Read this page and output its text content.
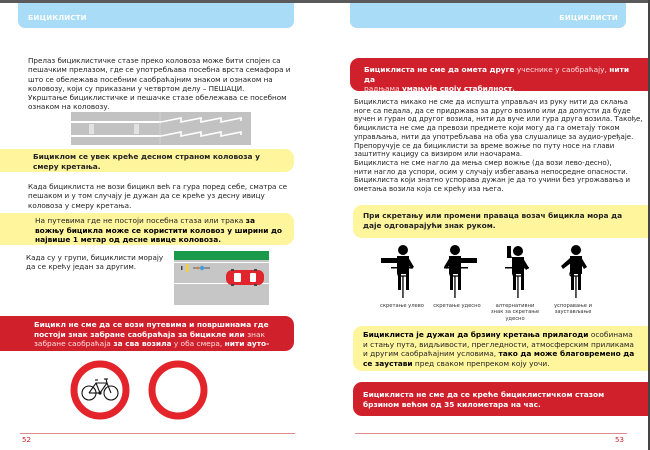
БИЦИКЛИСТИ
Прелаз бициклистичке стазе преко коловоза може бити спојен са пешачким прелазом, где се употребљава посебна врста семафора и што се обележава посебним саобраћајним знаком и ознаком на коловозу, који су приказани у четвртом делу – ПЕШАЦИ.
Укрштање бициклистичке и пешачке стазе обележава се посебном ознаком на коловозу.
Бициклом се увек креће десном страном коловоза у смеру кретања.
Када бициклиста не вози бицикл већ га гура поред себе, сматра се пешаком и у том случају је дужан да се креће уз десну ивицу коловоза у смеру кретања.
На путевима где не постоји посебна стаза или трака за вожњу бицикла може се користити коловоз у ширини до највише 1 метар од десне ивице коловоза.
Када су у групи, бициклисти морају да се крећу један за другим.
Бицикл не сме да се вози путевима и површинама где постоји знак забране саобраћаја за бицикле или знак забране саобраћаја за сва возила у оба смера, нити ауто-путевима и мото-путевима.
52
БИЦИКЛИСТИ
Бициклиста не сме да омета друге учеснике у саобраћају, нити да
радњама умањује своју стабилност.
Бициклиста никако не сме да испушта управљач из руку нити да склања
ноге са педала, да се придржава за друго возило или да допусти да буде
вучен и гуран од другог возила, нити да вуче или гура друга возила. Такође,
бициклиста не сме да превози предмете који могу да га ометају током
управљања, нити да употребљава на оба ува слушалице за аудио-уређаје.
Препоручује се да бициклисти за време вожње по путу носе на глави
заштитну кациgу са визиром или наочарама.
Бициклиста не сме нагло да мења смер вожње (да вози лево-десно),
нити нагло да успори, осим у случају избегавања непосредне опасности.
Бициклиста који знатно успорава дужан је да то учини без угрожавања и
ометања возила која се крећу иза њега.
При скретању или промени праваца возач бицикла мора да даје одговарајући знак руком.
скретање улево	скретање удесно	алтернативни знак за скретање удесно
успоравање и заустављање
Бициклиста је дужан да брзину кретања прилагоди особинама и стању пута, видљивости, прегледности, атмосферским приликама и другим саобраћајним условима, тако да може благовремено да се заустави пред сваком препреком коју уочи.
Бициклиста не сме да се креће бициклистичком стазом брзином већом од 35 километара на час.
53
